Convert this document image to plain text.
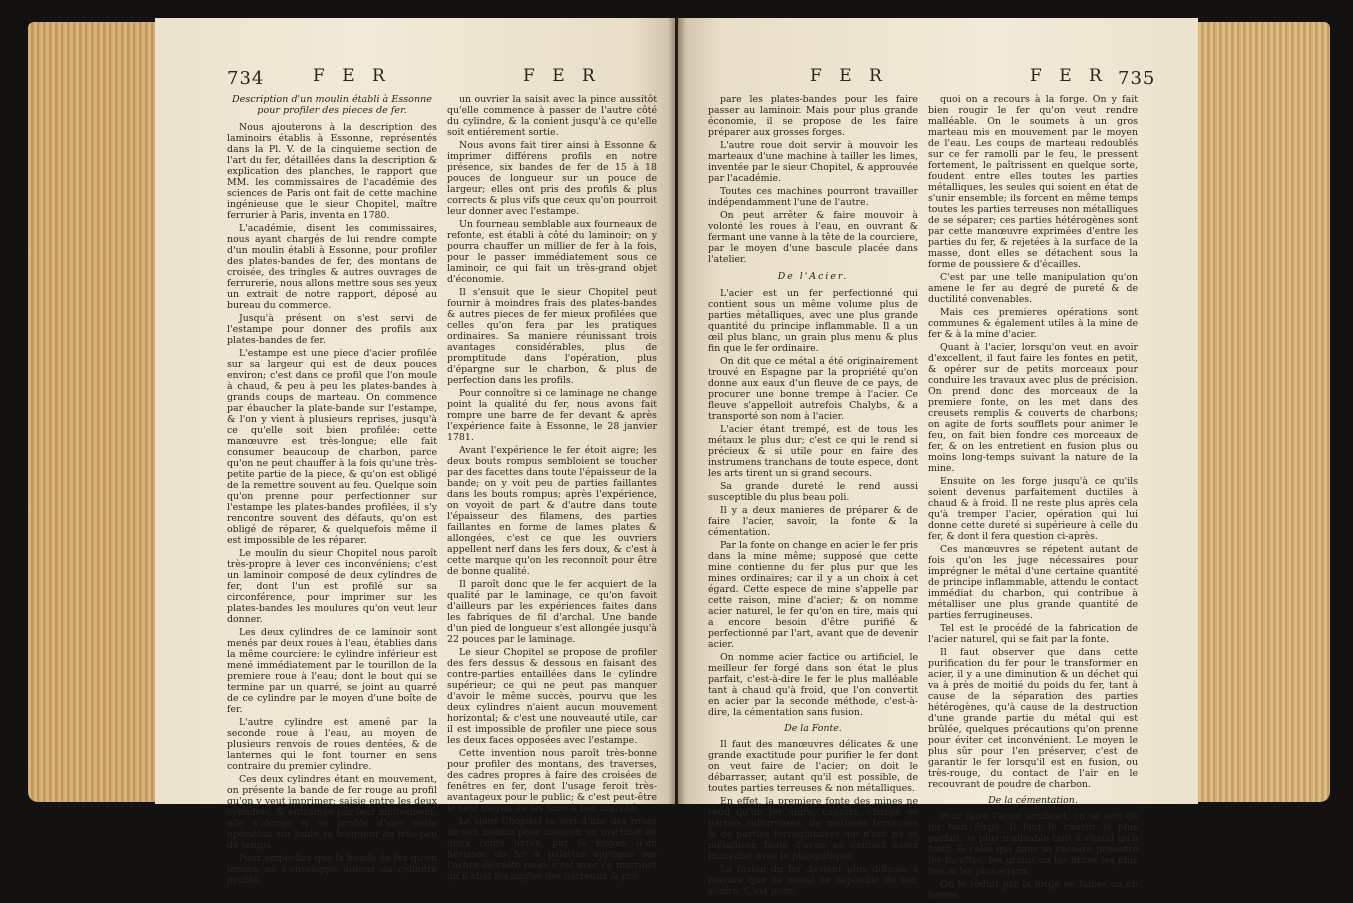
734	F E R	F E R

Description d'un moulin établi à Essonne pour profiler des pieces de fer.

Nous ajouterons à la description des laminoirs établis à Essonne, représentés dans la Pl. V. de la cinquieme section de l'art du fer, détaillées dans la description & explication des planches, le rapport que MM. les commissaires de l'académie des sciences de Paris ont fait de cette machine ingénieuse que le sieur Chopitel, maître ferrurier à Paris, inventa en 1780.

L'académie, disent les commissaires, nous ayant chargés de lui rendre compte d'un moulin établi à Essonne, pour profiler des plates-bandes de fer, des montans de croisée, des tringles & autres ouvrages de ferrurerie, nous allons mettre sous ses yeux un extrait de notre rapport, déposé au bureau du commerce.

Jusqu'à présent on s'est servi de l'estampe pour donner des profils aux plates-bandes de fer.

L'estampe est une piece d'acier profilée sur sa largeur qui est de deux pouces environ; c'est dans ce profil que l'on moule à chaud, & peu à peu les plates-bandes à grands coups de marteau. On commence par ébaucher la plate-bande sur l'estampe, & l'on y vient à plusieurs reprises, jusqu'à ce qu'elle soit bien profilée: cette manœuvre est très-longue; elle fait consumer beaucoup de charbon, parce qu'on ne peut chauffer à la fois qu'une très-petite partie de la piece, & qu'on est obligé de la remettre souvent au feu. Quelque soin qu'on prenne pour perfectionner sur l'estampe les plates-bandes profilées, il s'y rencontre souvent des défauts, qu'on est obligé de réparer, & quelquefois même il est impossible de les réparer.

Le moulin du sieur Chopitel nous paroît très-propre à lever ces inconvéniens; c'est un laminoir composé de deux cylindres de fer, dont l'un est profilé sur sa circonférence, pour imprimer sur les plates-bandes les moulures qu'on veut leur donner.

Les deux cylindres de ce laminoir sont menés par deux roues à l'eau, établies dans la même courciere: le cylindre inférieur est mené immédiatement par le tourillon de la premiere roue à l'eau; dont le bout qui se termine par un quarré, se joint au quarré de ce cylindre par le moyen d'une boîte de fer.

L'autre cylindre est amené par la seconde roue à l'eau, au moyen de plusieurs renvois de roues dentées, & de lanternes qui le font tourner en sens contraire du premier cylindre.

Ces deux cylindres étant en mouvement, on présente la bande de fer rouge au profil qu'on y veut imprimer; saisie entre les deux cylindres, & entraînée par leur mouvement, elle s'alonge & se profile d'une seule opération sur toute sa longueur en très-peu de temps.

Pour empêcher que la bande de fer qu'on lamine ne s'enveloppe autour du cylindre profilé,

un ouvrier la saisit avec la pince aussitôt qu'elle commence à passer de l'autre côté du cylindre, & la conient jusqu'à ce qu'elle soit entiérement sortie.

Nous avons fait tirer ainsi à Essonne & imprimer différens profils en notre présence, six bandes de fer de 15 à 18 pouces de longueur sur un pouce de largeur; elles ont pris des profils & plus corrects & plus vifs que ceux qu'on pourroit leur donner avec l'estampe.

Un fourneau semblable aux fourneaux de refonte, est établi à côté du laminoir; on y pourra chauffer un millier de fer à la fois, pour le passer immédiatement sous ce laminoir, ce qui fait un très-grand objet d'économie.

Il s'ensuit que le sieur Chopitel peut fournir à moindres frais des plates-bandes & autres pieces de fer mieux profilées que celles qu'on fera par les pratiques ordinaires. Sa maniere réunissant trois avantages considérables, plus de promptitude dans l'opération, plus d'épargne sur le charbon, & plus de perfection dans les profils.

Pour connoître si ce laminage ne change point la qualité du fer, nous avons fait rompre une barre de fer devant & après l'expérience faite à Essonne, le 28 janvier 1781.

Avant l'expérience le fer étoit aigre; les deux bouts rompus sembloient se toucher par des facettes dans toute l'épaisseur de la bande; on y voit peu de parties faillantes dans les bouts rompus; après l'expérience, on voyoit de part & d'autre dans toute l'épaisseur des filamens, des parties faillantes en forme de lames plates & allongées, c'est ce que les ouvriers appellent nerf dans les fers doux, & c'est à cette marque qu'on les reconnoît pour être de bonne qualité.

Il paroît donc que le fer acquiert de la qualité par le laminage, ce qu'on favoit d'ailleurs par les expériences faites dans les fabriques de fil d'archal. Une bande d'un pied de longueur s'est allongée jusqu'à 22 pouces par le laminage.

Le sieur Chopitel se propose de profiler des fers dessus & dessous en faisant des contre-parties entaillées dans le cylindre supérieur; ce qui ne peut pas manquer d'avoir le même succès, pourvu que les deux cylindres n'aient aucun mouvement horizontal; & c'est une nouveauté utile, car il est impossible de profiler une piece sous les deux faces opposées avec l'estampe.

Cette invention nous paroît très-bonne pour profiler des montans, des traverses, des cadres propres à faire des croisées de fenêtres en fer, dont l'usage feroit très-avantageux pour le public; & c'est peut-être le seul moyen de les faire à bon marché.

Le sieur Chopitel se sert d'une des roues de son moulin pour mouvoir un martinet de deux cents livres, par le moyen d'un hérisson de fer à palettes appliqué sur l'arbre de cette roue; c'est avec ce martinet qu'il abat les angles des barreaux & pré-

F E R	F E R 735

pare les plates-bandes pour les faire passer au laminoir. Mais pour plus grande économie, il se propose de les faire préparer aux grosses forges.

L'autre roue doit servir à mouvoir les marteaux d'une machine à tailler les limes, inventée par le sieur Chopitel, & approuvée par l'académie.

Toutes ces machines pourront travailler indépendamment l'une de l'autre.

On peut arrêter & faire mouvoir à volonté les roues à l'eau, en ouvrant & fermant une vanne à la tête de la courciere, par le moyen d'une bascule placée dans l'atelier.

De l'Acier.

L'acier est un fer perfectionné qui contient sous un même volume plus de parties métalliques, avec une plus grande quantité du principe inflammable. Il a un œil plus blanc, un grain plus menu & plus fin que le fer ordinaire.

On dit que ce métal a été originairement trouvé en Espagne par la propriété qu'on donne aux eaux d'un fleuve de ce pays, de procurer une bonne trempe à l'acier. Ce fleuve s'appelloit autrefois Chalybs, & a transporté son nom à l'acier.

L'acier étant trempé, est de tous les métaux le plus dur; c'est ce qui le rend si précieux & si utile pour en faire des instrumens tranchans de toute espece, dont les arts tirent un si grand secours.

Sa grande dureté le rend aussi susceptible du plus beau poli.

Il y a deux manieres de préparer & de faire l'acier, savoir, la fonte & la cémentation.

Par la fonte on change en acier le fer pris dans la mine même; supposé que cette mine contienne du fer plus pur que les mines ordinaires; car il y a un choix à cet égard. Cette espece de mine s'appelle par cette raison, mine d'acier; & on nomme acier naturel, le fer qu'on en tire, mais qui a encore besoin d'être purifié & perfectionné par l'art, avant que de devenir acier.

On nomme acier factice ou artificiel, le meilleur fer forgé dans son état le plus parfait, c'est-à-dire le fer le plus malléable tant à chaud qu'à froid, que l'on convertit en acier par la seconde méthode, c'est-à-dire, la cémentation sans fusion.

De la Fonte.

Il faut des manœuvres délicates & une grande exactitude pour purifier le fer dont on veut faire de l'acier; on doit le débarrasser, autant qu'il est possible, de toutes parties terreuses & non métalliques.

En effet, la premiere fonte des mines ne rend qu'un fer aigre, cassant, chargé de parties sulfureuses, de matieres terreuses & de parties ferrugineuses qui n'ont pu se métalliser, faute d'avoir eu contact assez immédiat avec le phlogistique.

La fusion du fer devient plus difficile à mesure que ce métal se dépouille de son soufre. C'est pour-

quoi on a recours à la forge. On y fait bien rougir le fer qu'on veut rendre malléable. On le soumets à un gros marteau mis en mouvement par le moyen de l'eau. Les coups de marteau redoublés sur ce fer ramolli par le feu, le pressent fortement, le paîtrissent en quelque sorte, foudent entre elles toutes les parties métalliques, les seules qui soient en état de s'unir ensemble; ils forcent en même temps toutes les parties terreuses non métalliques de se séparer; ces parties hétérogènes sont par cette manœuvre exprimées d'entre les parties du fer, & rejetées à la surface de la masse, dont elles se détachent sous la forme de poussiere & d'écailles.

C'est par une telle manipulation qu'on amene le fer au degré de pureté & de ductilité convenables.

Mais ces premieres opérations sont communes & également utiles à la mine de fer & à la mine d'acier.

Quant à l'acier, lorsqu'on veut en avoir d'excellent, il faut faire les fontes en petit, & opérer sur de petits morceaux pour conduire les travaux avec plus de précision. On prend donc des morceaux de la premiere fonte, on les met dans des creusets remplis & couverts de charbons; on agite de forts soufflets pour animer le feu, on fait bien fondre ces morceaux de fer, & on les entretient en fusion plus ou moins long-temps suivant la nature de la mine.

Ensuite on les forge jusqu'à ce qu'ils soient devenus parfaitement ductiles à chaud & à froid. Il ne reste plus après cela qu'à tremper l'acier, opération qui lui donne cette dureté si supérieure à celle du fer, & dont il fera question ci-après.

Ces manœuvres se répetent autant de fois qu'on les juge nécessaires pour imprégner le métal d'une certaine quantité de principe inflammable, attendu le contact immédiat du charbon, qui contribue à métalliser une plus grande quantité de parties ferrugineuses.

Tel est le procédé de la fabrication de l'acier naturel, qui se fait par la fonte.

Il faut observer que dans cette purification du fer pour le transformer en acier, il y a une diminution & un déchet qui va à près de moitié du poids du fer, tant à cause de la séparation des parties hétérogènes, qu'à cause de la destruction d'une grande partie du métal qui est brûlée, quelques précautions qu'on prenne pour éviter cet inconvénient. Le moyen le plus sûr pour l'en préserver, c'est de garantir le fer lorsqu'il est en fusion, ou très-rouge, du contact de l'air en le recouvrant de poudre de charbon.

De la cémentation.

Pour faire l'acier artificiel, on se sert de fer tout forgé. Il faut le choisir le plus parfait, le plus malléable tant à chaud qu'à froid, & celui qui dans sa cassure présente les facettes, les grains ou les fibres les plus fins & les plus égaux.

On le réduit par la forge en lames ou en barres
